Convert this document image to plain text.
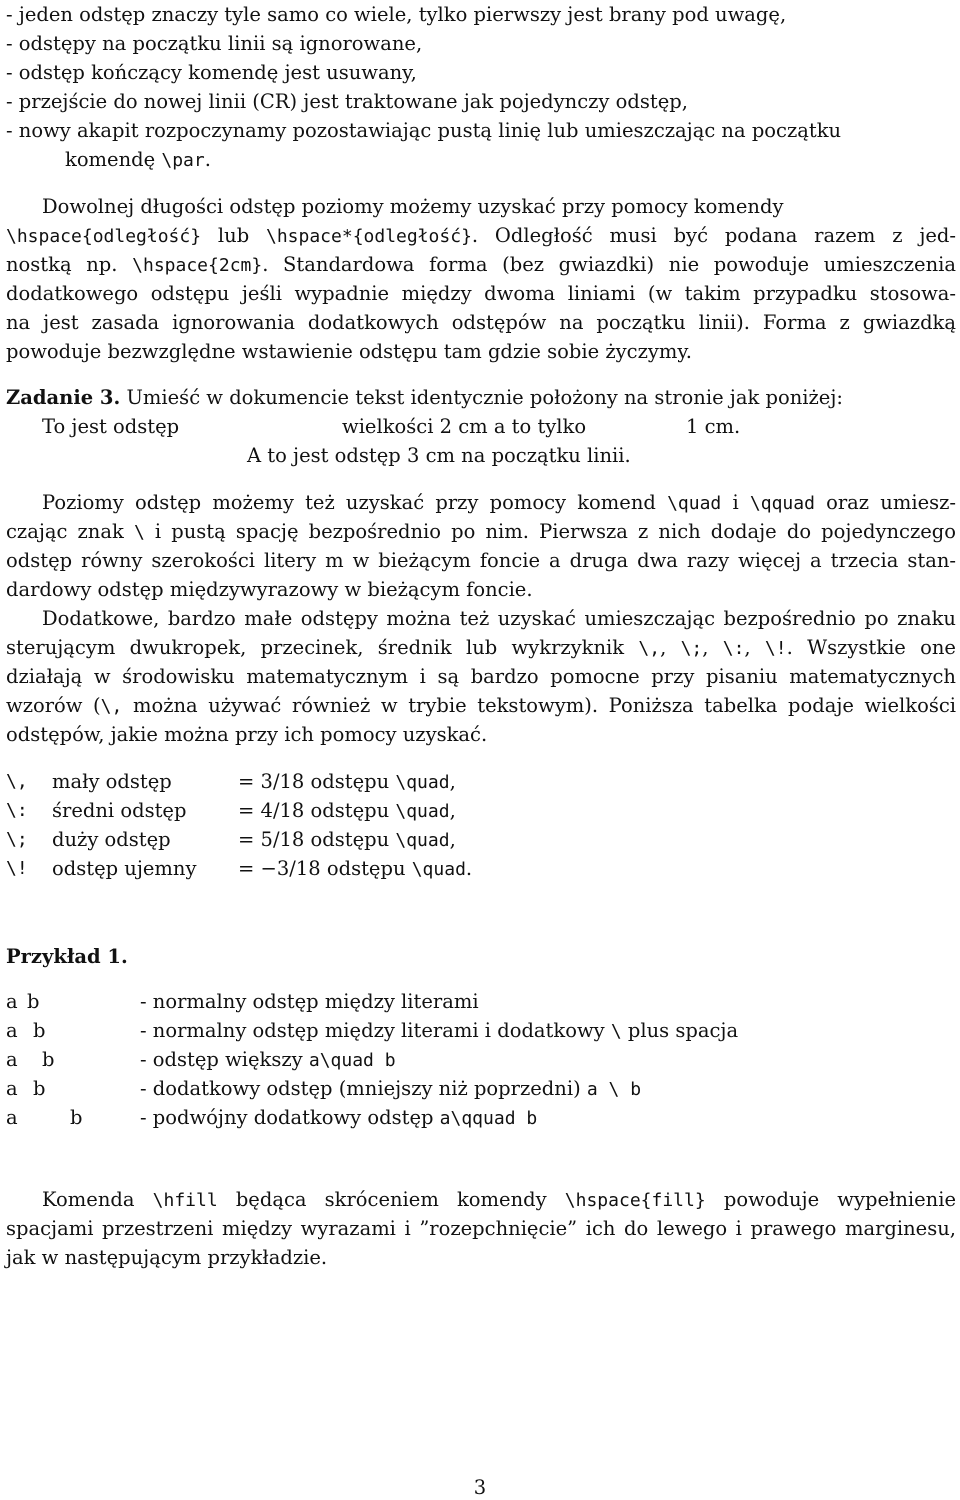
- jeden odstęp znaczy tyle samo co wiele, tylko pierwszy jest brany pod uwagę,
- odstępy na początku linii są ignorowane,
- odstęp kończący komendę jest usuwany,
- przejście do nowej linii (CR) jest traktowane jak pojedynczy odstęp,
- nowy akapit rozpoczynamy pozostawiając pustą linię lub umieszczając na początku
komendę \par.
Dowolnej długości odstęp poziomy możemy uzyskać przy pomocy komendy
\hspace{odległość} lub \hspace*{odległość}. Odległość musi być podana razem z jed-
nostką np. \hspace{2cm}. Standardowa forma (bez gwiazdki) nie powoduje umieszczenia
dodatkowego odstępu jeśli wypadnie między dwoma liniami (w takim przypadku stosowa-
na jest zasada ignorowania dodatkowych odstępów na początku linii). Forma z gwiazdką
powoduje bezwzględne wstawienie odstępu tam gdzie sobie życzymy.
Zadanie 3. Umieść w dokumencie tekst identycznie położony na stronie jak poniżej:
To jest odstęp	wielkości 2 cm a to tylko	1 cm.
A to jest odstęp 3 cm na początku linii.
Poziomy odstęp możemy też uzyskać przy pomocy komend \quad i \qquad oraz umiesz-
czając znak \ i pustą spację bezpośrednio po nim. Pierwsza z nich dodaje do pojedynczego
odstęp równy szerokości litery m w bieżącym foncie a druga dwa razy więcej a trzecia stan-
dardowy odstęp międzywyrazowy w bieżącym foncie.
Dodatkowe, bardzo małe odstępy można też uzyskać umieszczając bezpośrednio po znaku
sterującym dwukropek, przecinek, średnik lub wykrzyknik \,, \;, \:, \!. Wszystkie one
działają w środowisku matematycznym i są bardzo pomocne przy pisaniu matematycznych
wzorów (\, można używać również w trybie tekstowym). Poniższa tabelka podaje wielkości
odstępów, jakie można przy ich pomocy uzyskać.
\, mały odstęp	= 3/18 odstępu \quad,
\: średni odstęp	= 4/18 odstępu \quad,
\; duży odstęp	= 5/18 odstępu \quad,
\! odstęp ujemny = −3/18 odstępu \quad.
Przykład 1.
a b	- normalny odstęp między literami
a b	- normalny odstęp między literami i dodatkowy \ plus spacja
a b	- odstęp większy a\quad b
a b	- dodatkowy odstęp (mniejszy niż poprzedni) a \ b
a	b	- podwójny dodatkowy odstęp a\qquad b
Komenda \hfill będąca skróceniem komendy \hspace{fill} powoduje wypełnienie
spacjami przestrzeni między wyrazami i ”rozepchnięcie” ich do lewego i prawego marginesu,
jak w następującym przykładzie.
3
